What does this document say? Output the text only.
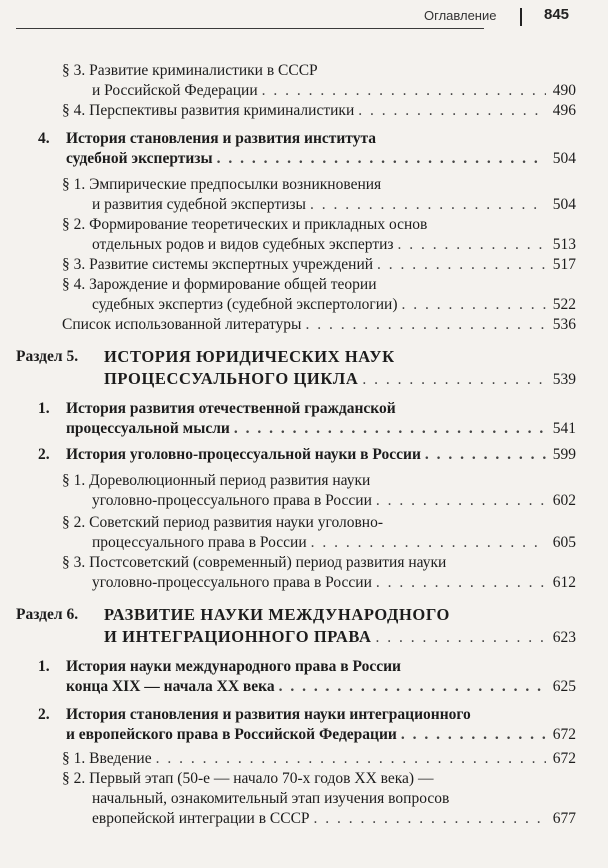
Оглавление	845
§ 3. Развитие криминалистики в СССР
и Российской Федерации . . .	490
§ 4. Перспективы развития криминалистики . . .	496
4. История становления и развития института
судебной экспертизы . . .	504
§ 1. Эмпирические предпосылки возникновения
и развития судебной экспертизы . . .	504
§ 2. Формирование теоретических и прикладных основ
отдельных родов и видов судебных экспертиз . . .	513
§ 3. Развитие системы экспертных учреждений . . .	517
§ 4. Зарождение и формирование общей теории
судебных экспертиз (судебной экспертологии) . . .	522
Список использованной литературы . . .	536
Раздел 5. ИСТОРИЯ ЮРИДИЧЕСКИХ НАУК
ПРОЦЕССУАЛЬНОГО ЦИКЛА . . .	539
1. История развития отечественной гражданской
процессуальной мысли . . .	541
2. История уголовно-процессуальной науки в России . . .	599
§ 1. Дореволюционный период развития науки
уголовно-процессуального права в России . . .	602
§ 2. Советский период развития науки уголовно-
процессуального права в России . . .	605
§ 3. Постсоветский (современный) период развития науки
уголовно-процессуального права в России . . .	612
Раздел 6. РАЗВИТИЕ НАУКИ МЕЖДУНАРОДНОГО
И ИНТЕГРАЦИОННОГО ПРАВА . . .	623
1. История науки международного права в России
конца XIX — начала XX века . . .	625
2. История становления и развития науки интеграционного
и европейского права в Российской Федерации . . .	672
§ 1. Введение . . .	672
§ 2. Первый этап (50-е — начало 70-х годов XX века) —
начальный, ознакомительный этап изучения вопросов
европейской интеграции в СССР . . .	677
